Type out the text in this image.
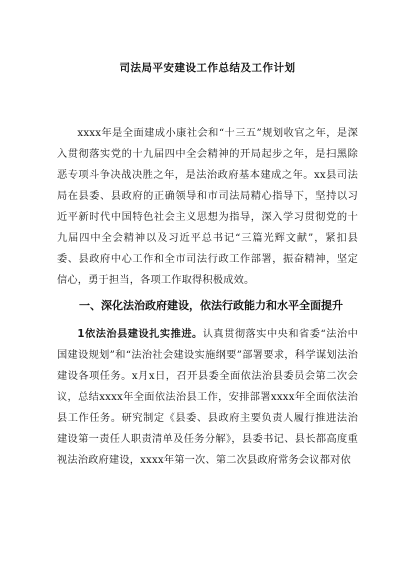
司法局平安建设工作总结及工作计划

xxxx年是全面建成小康社会和“十三五”规划收官之年，是深入贯彻落实党的十九届四中全会精神的开局起步之年，是扫黑除恶专项斗争决战决胜之年，是法治政府基本建成之年。xx县司法局在县委、县政府的正确领导和市司法局精心指导下，坚持以习近平新时代中国特色社会主义思想为指导，深入学习贯彻党的十九届四中全会精神以及习近平总书记“三篇光辉文献”，紧扣县委、县政府中心工作和全市司法行政工作部署，振奋精神，坚定信心，勇于担当，各项工作取得积极成效。

一、深化法治政府建设，依法行政能力和水平全面提升

1依法治县建设扎实推进。认真贯彻落实中央和省委“法治中国建设规划”和“法治社会建设实施纲要”部署要求，科学谋划法治建设各项任务。x月x日，召开县委全面依法治县委员会第二次会议，总结xxxx年全面依法治县工作，安排部署xxxx年全面依法治县工作任务。研究制定《县委、县政府主要负责人履行推进法治建设第一责任人职责清单及任务分解》，县委书记、县长都高度重视法治政府建设，xxxx年第一次、第二次县政府常务会议都对依
